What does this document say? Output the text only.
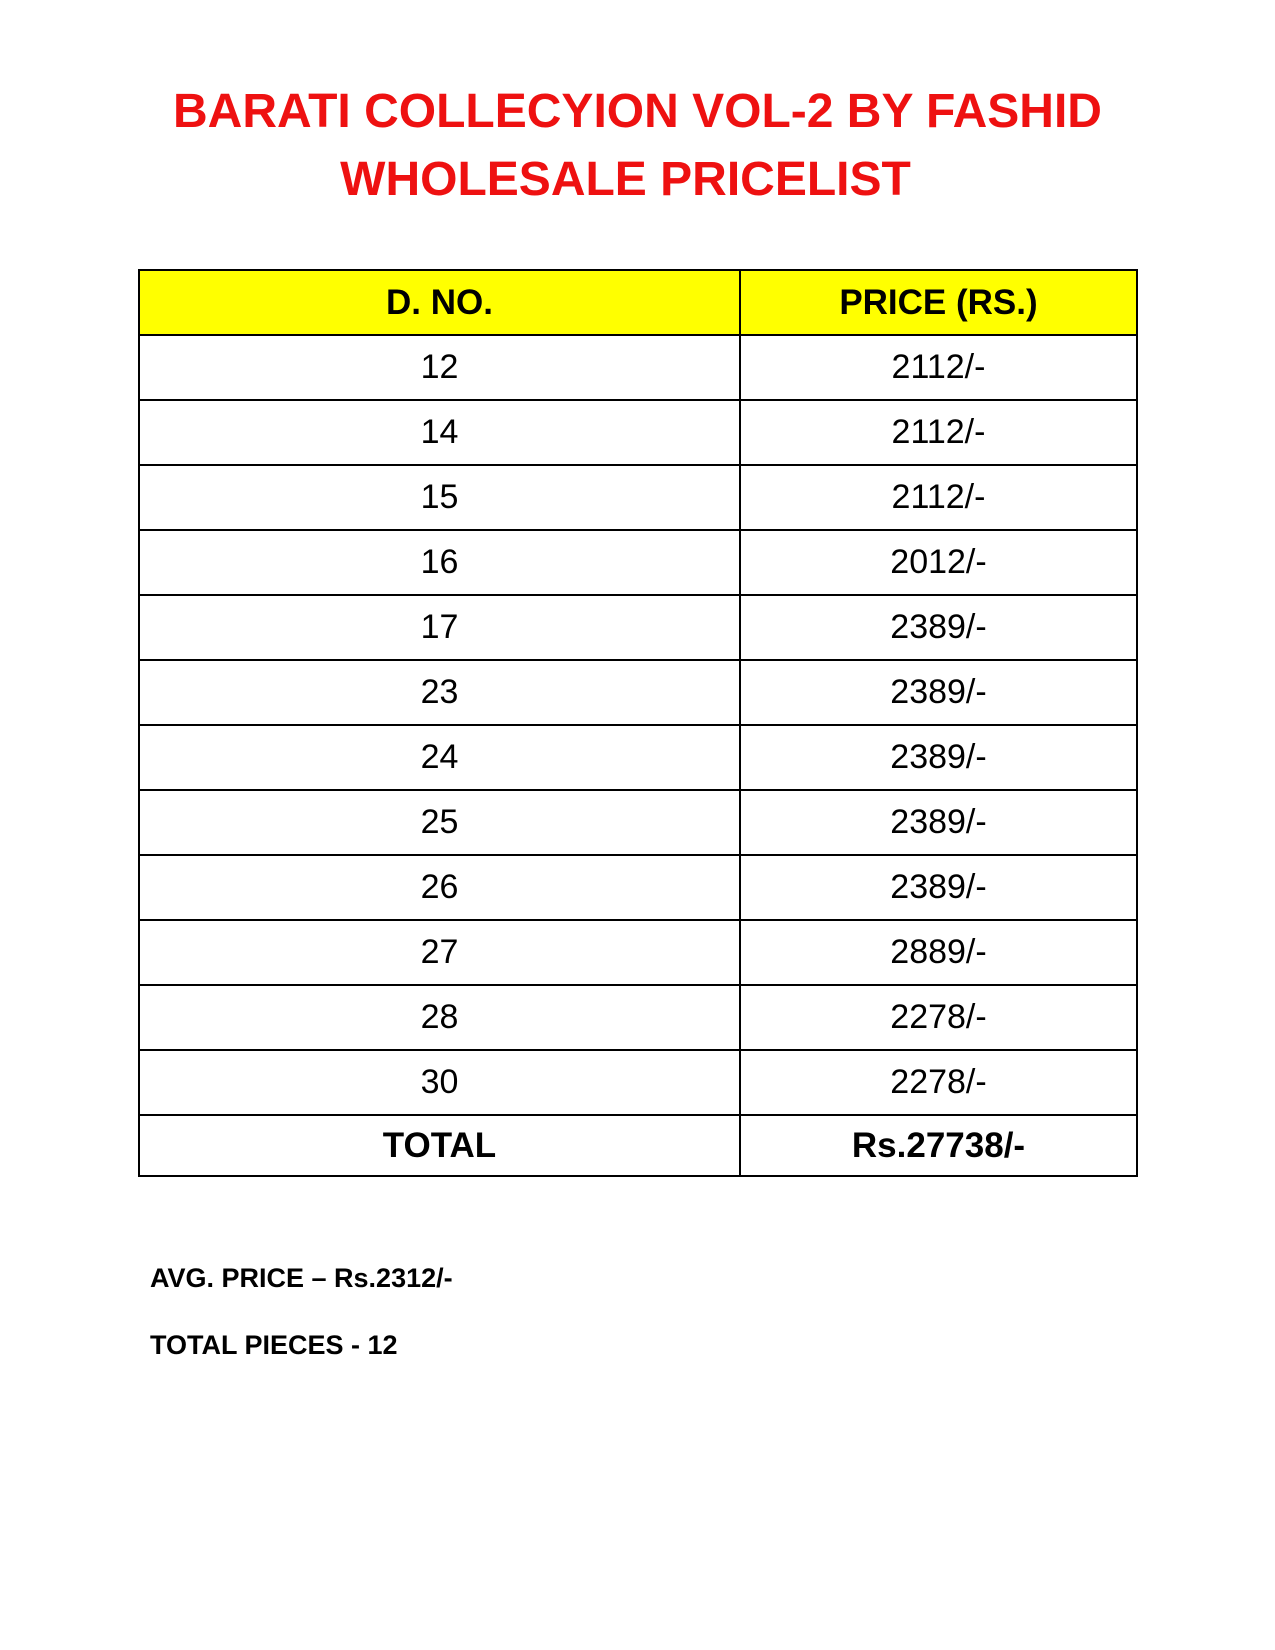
BARATI COLLECYION VOL-2 BY FASHID
WHOLESALE PRICELIST
D. NO.	PRICE (RS.)
12	2112/-
14	2112/-
15	2112/-
16	2012/-
17	2389/-
23	2389/-
24	2389/-
25	2389/-
26	2389/-
27	2889/-
28	2278/-
30	2278/-
TOTAL	Rs.27738/-
AVG. PRICE – Rs.2312/-
TOTAL PIECES - 12
